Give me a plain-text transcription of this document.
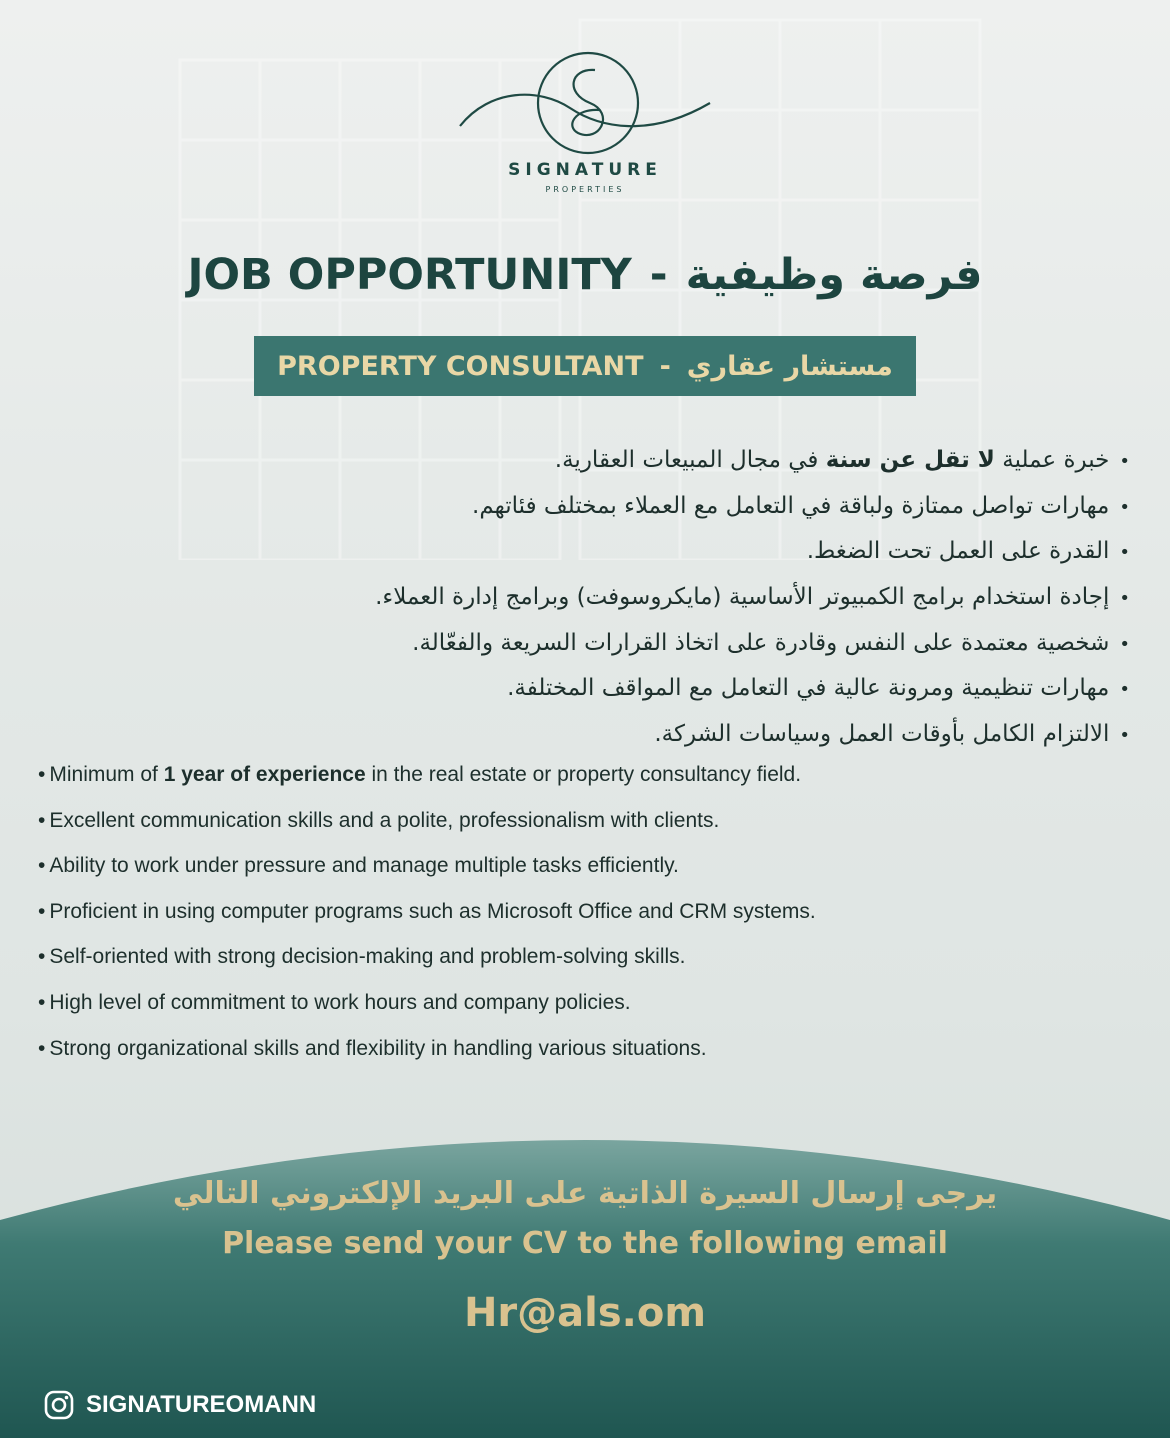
SIGNATURE
PROPERTIES
JOB OPPORTUNITY - فرصة وظيفية
PROPERTY CONSULTANT - مستشار عقاري
•خبرة عملية لا تقل عن سنة في مجال المبيعات العقارية.
•مهارات تواصل ممتازة ولباقة في التعامل مع العملاء بمختلف فئاتهم.
•القدرة على العمل تحت الضغط.
•إجادة استخدام برامج الكمبيوتر الأساسية (مايكروسوفت) وبرامج إدارة العملاء.
•شخصية معتمدة على النفس وقادرة على اتخاذ القرارات السريعة والفعّالة.
•مهارات تنظيمية ومرونة عالية في التعامل مع المواقف المختلفة.
•الالتزام الكامل بأوقات العمل وسياسات الشركة.
• Minimum of 1 year of experience in the real estate or property consultancy field.
• Excellent communication skills and a polite, professionalism with clients.
• Ability to work under pressure and manage multiple tasks efficiently.
• Proficient in using computer programs such as Microsoft Office and CRM systems.
• Self-oriented with strong decision-making and problem-solving skills.
• High level of commitment to work hours and company policies.
• Strong organizational skills and flexibility in handling various situations.
يرجى إرسال السيرة الذاتية على البريد الإلكتروني التالي
Please send your CV to the following email
Hr@als.om
SIGNATUREOMANN
